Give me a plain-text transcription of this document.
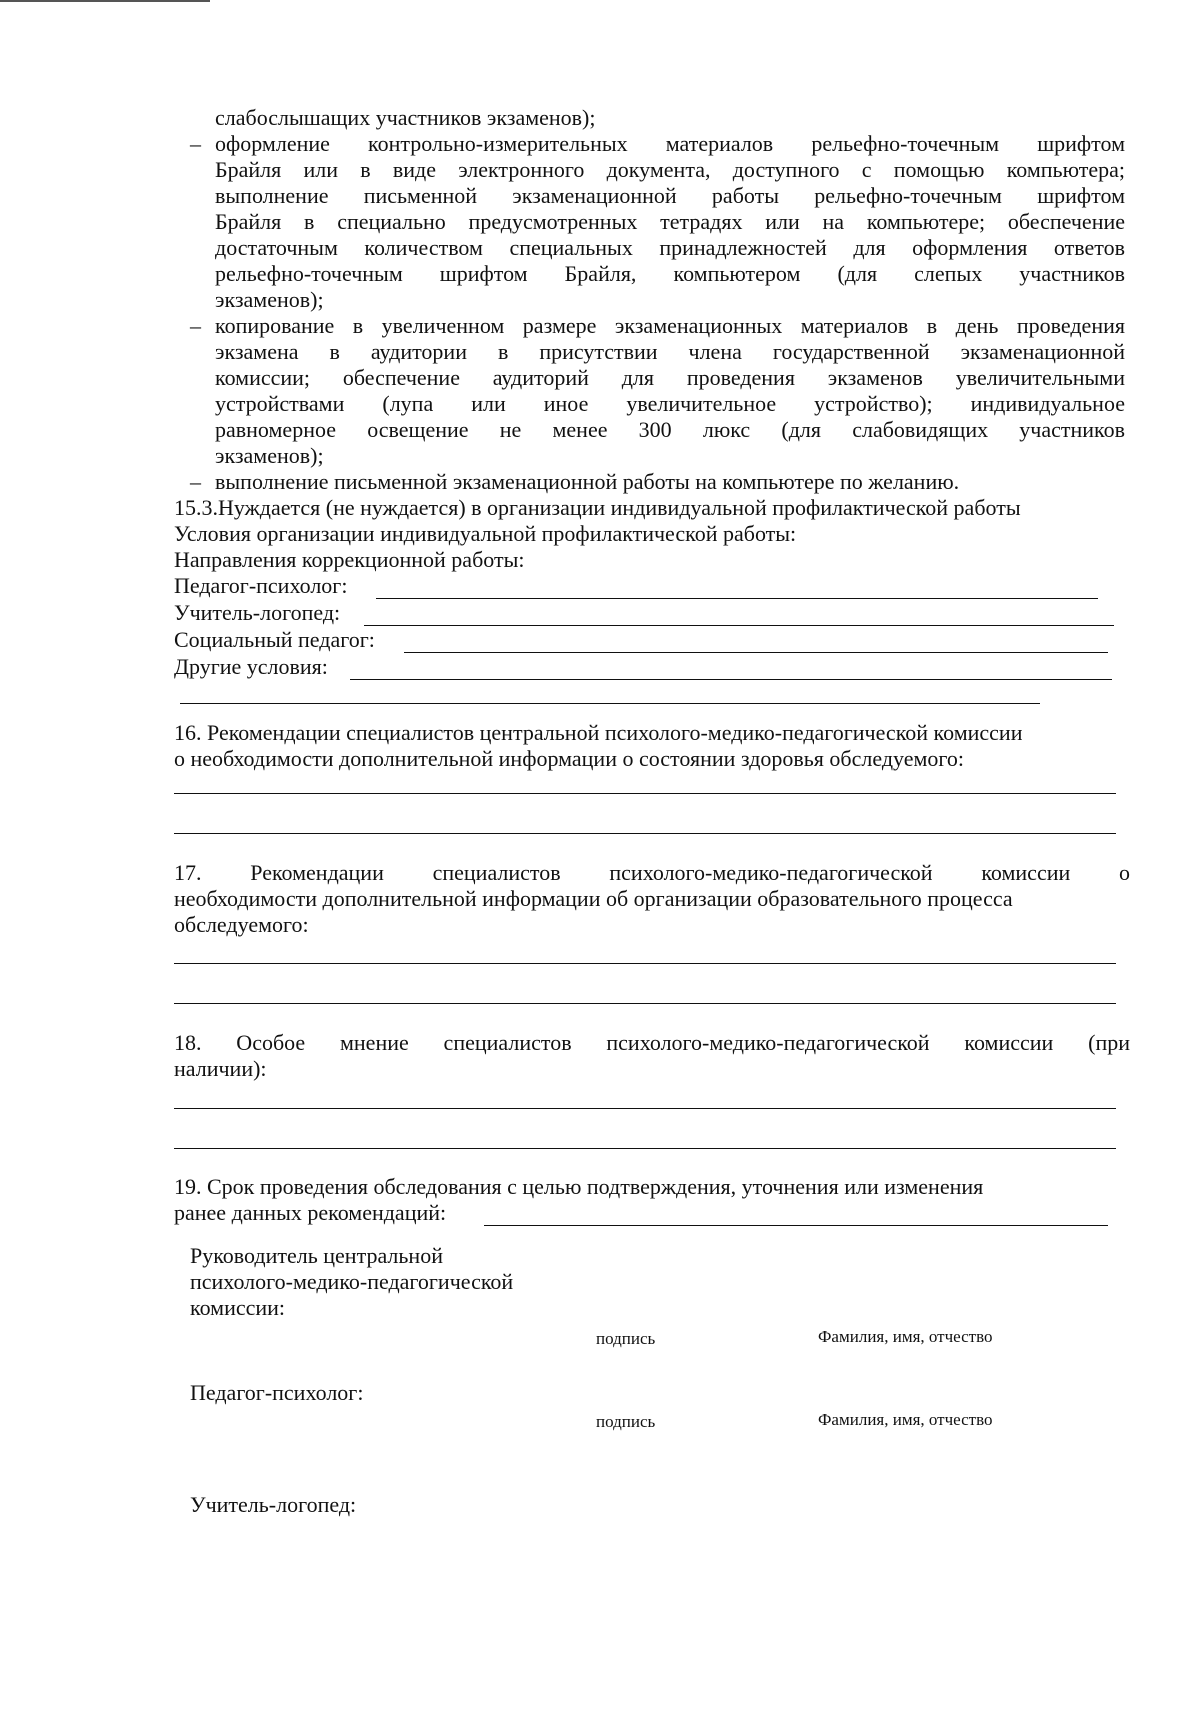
слабослышащих участников экзаменов);
– оформление контрольно-измерительных материалов рельефно-точечным шрифтом
Брайля или в виде электронного документа, доступного с помощью компьютера;
выполнение письменной экзаменационной работы рельефно-точечным шрифтом
Брайля в специально предусмотренных тетрадях или на компьютере; обеспечение
достаточным количеством специальных принадлежностей для оформления ответов
рельефно-точечным шрифтом Брайля, компьютером (для слепых участников
экзаменов);
– копирование в увеличенном размере экзаменационных материалов в день проведения
экзамена в аудитории в присутствии члена государственной экзаменационной
комиссии; обеспечение аудиторий для проведения экзаменов увеличительными
устройствами (лупа или иное увеличительное устройство); индивидуальное
равномерное освещение не менее 300 люкс (для слабовидящих участников
экзаменов);
– выполнение письменной экзаменационной работы на компьютере по желанию.
15.3.Нуждается (не нуждается) в организации индивидуальной профилактической работы
Условия организации индивидуальной профилактической работы:
Направления коррекционной работы:
Педагог-психолог:
Учитель-логопед:
Социальный педагог:
Другие условия:
16. Рекомендации специалистов центральной психолого-медико-педагогической комиссии
о необходимости дополнительной информации о состоянии здоровья обследуемого:
17. Рекомендации специалистов психолого-медико-педагогической комиссии о
необходимости дополнительной информации об организации образовательного процесса
обследуемого:
18. Особое мнение специалистов психолого-медико-педагогической комиссии (при
наличии):
19. Срок проведения обследования с целью подтверждения, уточнения или изменения
ранее данных рекомендаций:
Руководитель центральной
психолого-медико-педагогической
комиссии:
подпись	Фамилия, имя, отчество
Педагог-психолог:
подпись	Фамилия, имя, отчество
Учитель-логопед:
